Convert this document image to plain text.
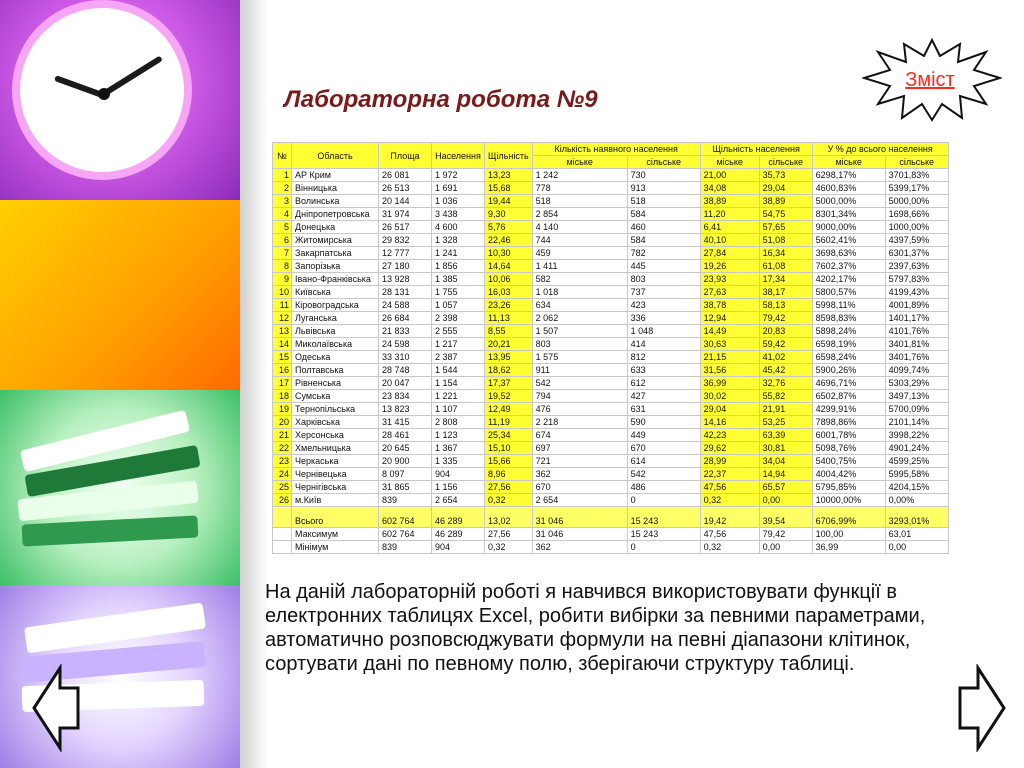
Лабораторна робота №9
Зміст
№	Область	Площа	Населення	Щільність	Кількість наявного населення		Щільність населення		У % до всього населення	
					міське	сільське	міське	сільське	міське	сільське
1	АР Крим	26 081	1 972	13,23	1 242	730	21,00	35,73	6298,17%	3701,83%
2	Вінницька	26 513	1 691	15,68	778	913	34,08	29,04	4600,83%	5399,17%
3	Волинська	20 144	1 036	19,44	518	518	38,89	38,89	5000,00%	5000,00%
4	Дніпропетровська	31 974	3 438	9,30	2 854	584	11,20	54,75	8301,34%	1698,66%
5	Донецька	26 517	4 600	5,76	4 140	460	6,41	57,65	9000,00%	1000,00%
6	Житомирська	29 832	1 328	22,46	744	584	40,10	51,08	5602,41%	4397,59%
7	Закарпатська	12 777	1 241	10,30	459	782	27,84	16,34	3698,63%	6301,37%
8	Запорізька	27 180	1 856	14,64	1 411	445	19,26	61,08	7602,37%	2397,63%
9	Івано-Франківська	13 928	1 385	10,06	582	803	23,93	17,34	4202,17%	5797,83%
10	Київська	28 131	1 755	16,03	1 018	737	27,63	38,17	5800,57%	4199,43%
11	Кіровоградська	24 588	1 057	23,26	634	423	38,78	58,13	5998,11%	4001,89%
12	Луганська	26 684	2 398	11,13	2 062	336	12,94	79,42	8598,83%	1401,17%
13	Львівська	21 833	2 555	8,55	1 507	1 048	14,49	20,83	5898,24%	4101,76%
14	Миколаївська	24 598	1 217	20,21	803	414	30,63	59,42	6598,19%	3401,81%
15	Одеська	33 310	2 387	13,95	1 575	812	21,15	41,02	6598,24%	3401,76%
16	Полтавська	28 748	1 544	18,62	911	633	31,56	45,42	5900,26%	4099,74%
17	Рівненська	20 047	1 154	17,37	542	612	36,99	32,76	4696,71%	5303,29%
18	Сумська	23 834	1 221	19,52	794	427	30,02	55,82	6502,87%	3497,13%
19	Тернопільська	13 823	1 107	12,49	476	631	29,04	21,91	4299,91%	5700,09%
20	Харківська	31 415	2 808	11,19	2 218	590	14,16	53,25	7898,86%	2101,14%
21	Херсонська	28 461	1 123	25,34	674	449	42,23	63,39	6001,78%	3998,22%
22	Хмельницька	20 645	1 367	15,10	697	670	29,62	30,81	5098,76%	4901,24%
23	Черкаська	20 900	1 335	15,66	721	614	28,99	34,04	5400,75%	4599,25%
24	Чернівецька	8 097	904	8,96	362	542	22,37	14,94	4004,42%	5995,58%
25	Чернігівська	31 865	1 156	27,56	670	486	47,56	65,57	5795,85%	4204,15%
26	м.Київ	839	2 654	0,32	2 654	0	0,32	0,00	10000,00%	0,00%
	Всього	602 764	46 289	13,02	31 046	15 243	19,42	39,54	6706,99%	3293,01%
	Максимум	602 764	46 289	27,56	31 046	15 243	47,56	79,42	100,00	63,01
	Мінімум	839	904	0,32	362	0	0,32	0,00	36,99	0,00
На даній лабораторній роботі я навчився використовувати функції в електронних таблицях Excel, робити вибірки за певними параметрами, автоматично розповсюджувати формули на певні діапазони клітинок, сортувати дані по певному полю, зберігаючи структуру таблиці.
